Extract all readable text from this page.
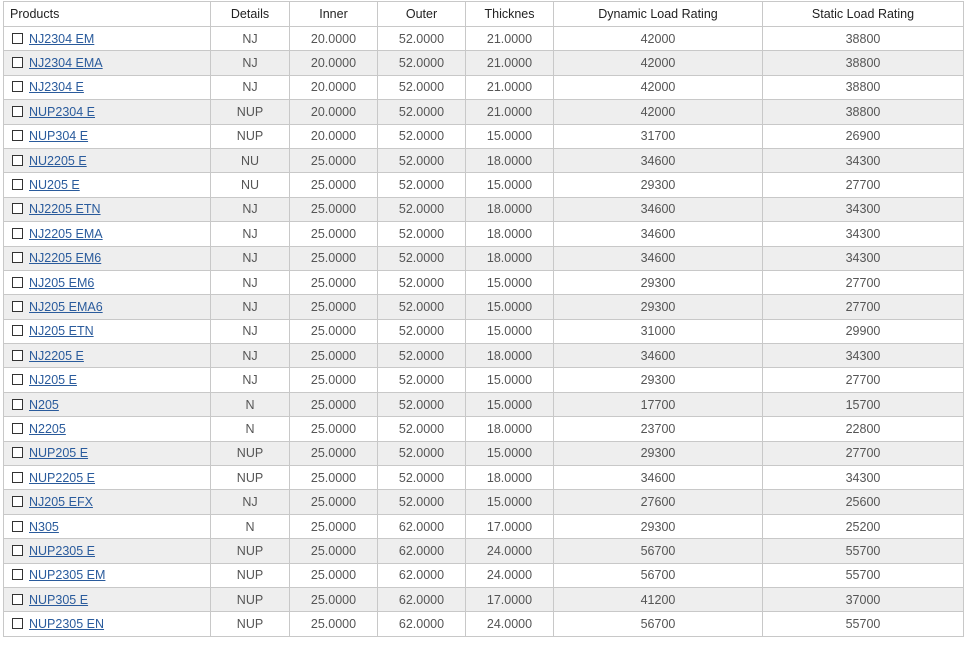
Products	Details	Inner	Outer	Thicknes	Dynamic Load Rating	Static Load Rating
NJ2304 EM	NJ	20.0000	52.0000	21.0000	42000	38800
NJ2304 EMA	NJ	20.0000	52.0000	21.0000	42000	38800
NJ2304 E	NJ	20.0000	52.0000	21.0000	42000	38800
NUP2304 E	NUP	20.0000	52.0000	21.0000	42000	38800
NUP304 E	NUP	20.0000	52.0000	15.0000	31700	26900
NU2205 E	NU	25.0000	52.0000	18.0000	34600	34300
NU205 E	NU	25.0000	52.0000	15.0000	29300	27700
NJ2205 ETN	NJ	25.0000	52.0000	18.0000	34600	34300
NJ2205 EMA	NJ	25.0000	52.0000	18.0000	34600	34300
NJ2205 EM6	NJ	25.0000	52.0000	18.0000	34600	34300
NJ205 EM6	NJ	25.0000	52.0000	15.0000	29300	27700
NJ205 EMA6	NJ	25.0000	52.0000	15.0000	29300	27700
NJ205 ETN	NJ	25.0000	52.0000	15.0000	31000	29900
NJ2205 E	NJ	25.0000	52.0000	18.0000	34600	34300
NJ205 E	NJ	25.0000	52.0000	15.0000	29300	27700
N205	N	25.0000	52.0000	15.0000	17700	15700
N2205	N	25.0000	52.0000	18.0000	23700	22800
NUP205 E	NUP	25.0000	52.0000	15.0000	29300	27700
NUP2205 E	NUP	25.0000	52.0000	18.0000	34600	34300
NJ205 EFX	NJ	25.0000	52.0000	15.0000	27600	25600
N305	N	25.0000	62.0000	17.0000	29300	25200
NUP2305 E	NUP	25.0000	62.0000	24.0000	56700	55700
NUP2305 EM	NUP	25.0000	62.0000	24.0000	56700	55700
NUP305 E	NUP	25.0000	62.0000	17.0000	41200	37000
NUP2305 EN	NUP	25.0000	62.0000	24.0000	56700	55700
